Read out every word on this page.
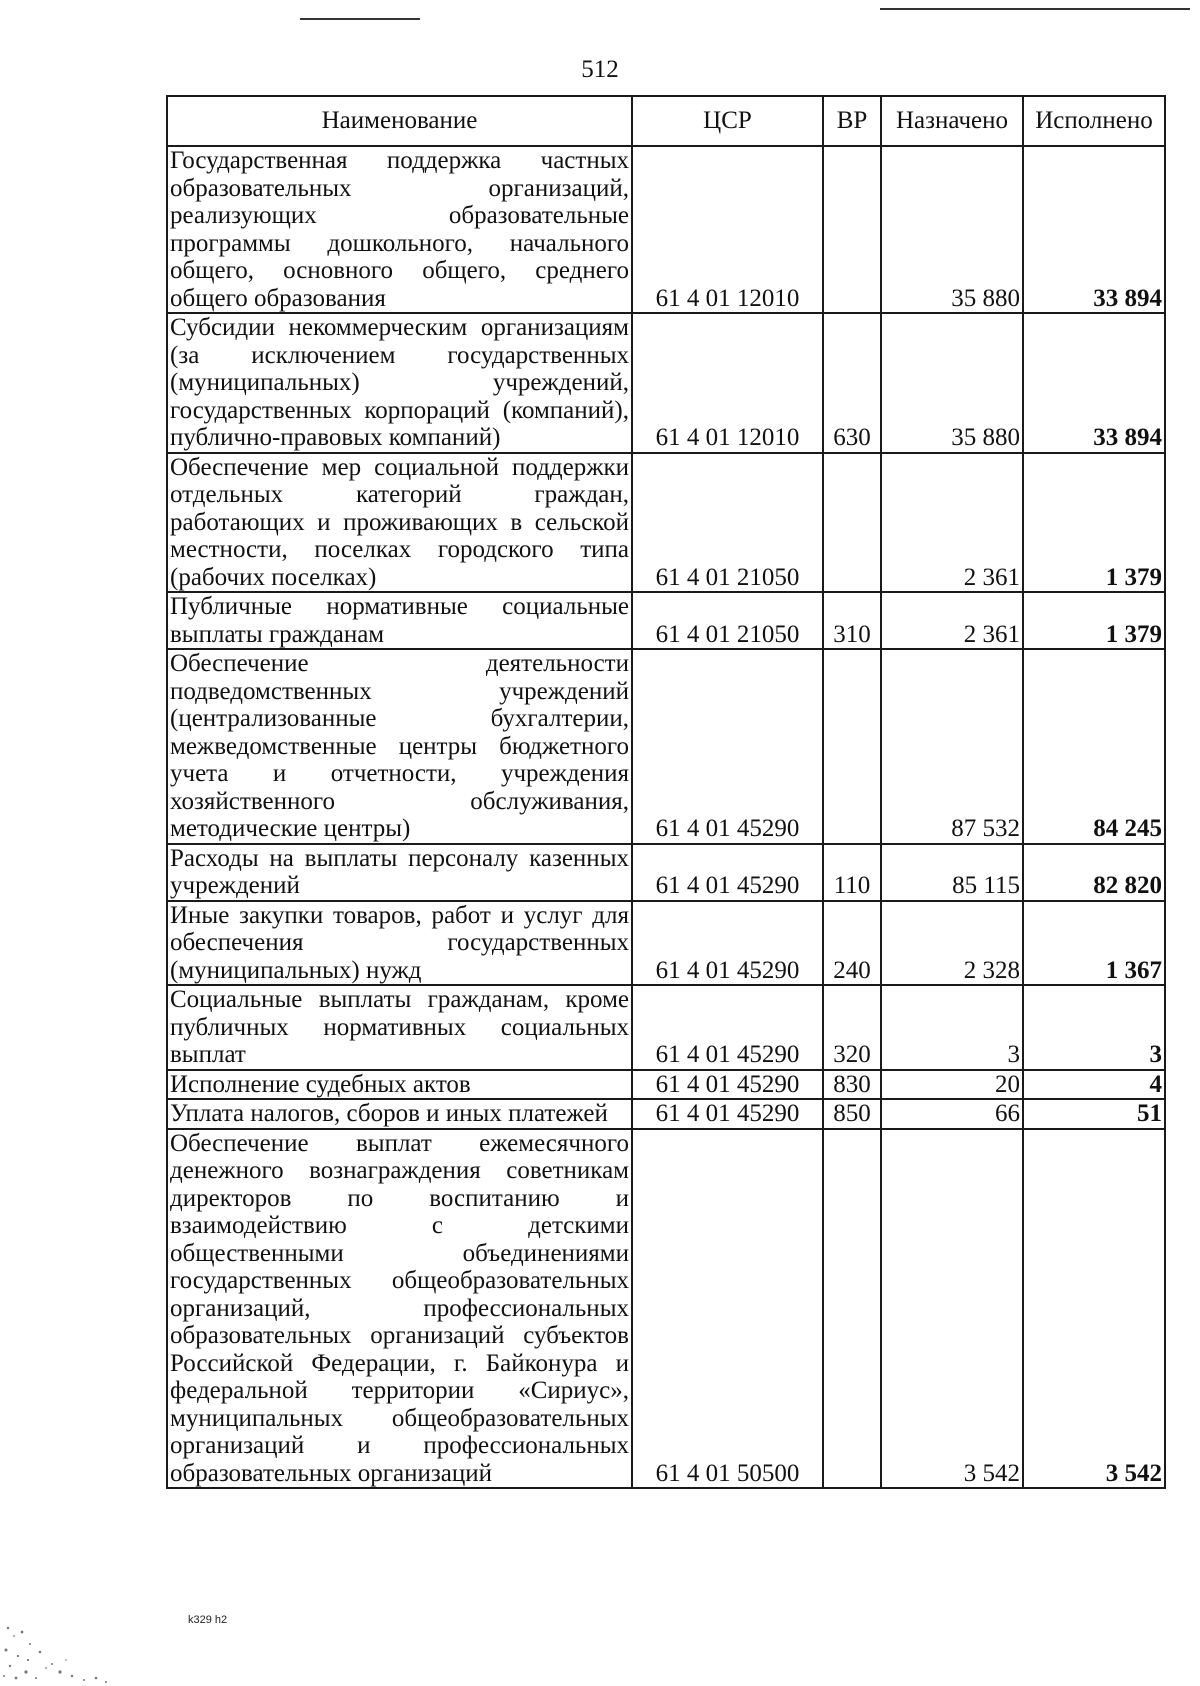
512
Наименование	ЦСР	ВР	Назначено	Исполнено
Государственная поддержка частных образовательных организаций, реализующих образовательные программы дошкольного, начального общего, основного общего, среднего общего образования	61 4 01 12010		35 880	33 894
Субсидии некоммерческим организациям (за исключением государственных (муниципальных) учреждений, государственных корпораций (компаний), публично-правовых компаний)	61 4 01 12010	630	35 880	33 894
Обеспечение мер социальной поддержки отдельных категорий граждан, работающих и проживающих в сельской местности, поселках городского типа (рабочих поселках)	61 4 01 21050		2 361	1 379
Публичные нормативные социальные выплаты гражданам	61 4 01 21050	310	2 361	1 379
Обеспечение деятельности подведомственных учреждений (централизованные бухгалтерии, межведомственные центры бюджетного учета и отчетности, учреждения хозяйственного обслуживания, методические центры)	61 4 01 45290		87 532	84 245
Расходы на выплаты персоналу казенных учреждений	61 4 01 45290	110	85 115	82 820
Иные закупки товаров, работ и услуг для обеспечения государственных (муниципальных) нужд	61 4 01 45290	240	2 328	1 367
Социальные выплаты гражданам, кроме публичных нормативных социальных выплат	61 4 01 45290	320	3	3
Исполнение судебных актов	61 4 01 45290	830	20	4
Уплата налогов, сборов и иных платежей	61 4 01 45290	850	66	51
Обеспечение выплат ежемесячного денежного вознаграждения советникам директоров по воспитанию и взаимодействию с детскими общественными объединениями государственных общеобразовательных организаций, профессиональных образовательных организаций субъектов Российской Федерации, г. Байконура и федеральной территории «Сириус», муниципальных общеобразовательных организаций и профессиональных образовательных организаций	61 4 01 50500		3 542	3 542
k329 h2
